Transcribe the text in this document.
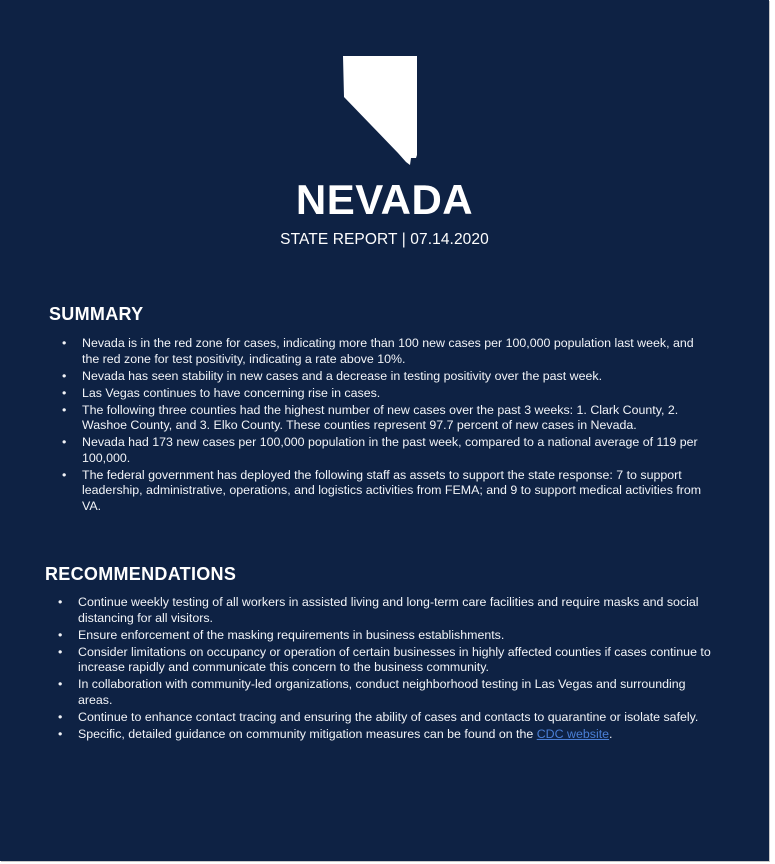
NEVADA
STATE REPORT | 07.14.2020
SUMMARY
• Nevada is in the red zone for cases, indicating more than 100 new cases per 100,000 population last week, and the red zone for test positivity, indicating a rate above 10%.
• Nevada has seen stability in new cases and a decrease in testing positivity over the past week.
• Las Vegas continues to have concerning rise in cases.
• The following three counties had the highest number of new cases over the past 3 weeks: 1. Clark County, 2. Washoe County, and 3. Elko County. These counties represent 97.7 percent of new cases in Nevada.
• Nevada had 173 new cases per 100,000 population in the past week, compared to a national average of 119 per 100,000.
• The federal government has deployed the following staff as assets to support the state response: 7 to support leadership, administrative, operations, and logistics activities from FEMA; and 9 to support medical activities from VA.
RECOMMENDATIONS
• Continue weekly testing of all workers in assisted living and long-term care facilities and require masks and social distancing for all visitors.
• Ensure enforcement of the masking requirements in business establishments.
• Consider limitations on occupancy or operation of certain businesses in highly affected counties if cases continue to increase rapidly and communicate this concern to the business community.
• In collaboration with community-led organizations, conduct neighborhood testing in Las Vegas and surrounding areas.
• Continue to enhance contact tracing and ensuring the ability of cases and contacts to quarantine or isolate safely.
• Specific, detailed guidance on community mitigation measures can be found on the CDC website.
